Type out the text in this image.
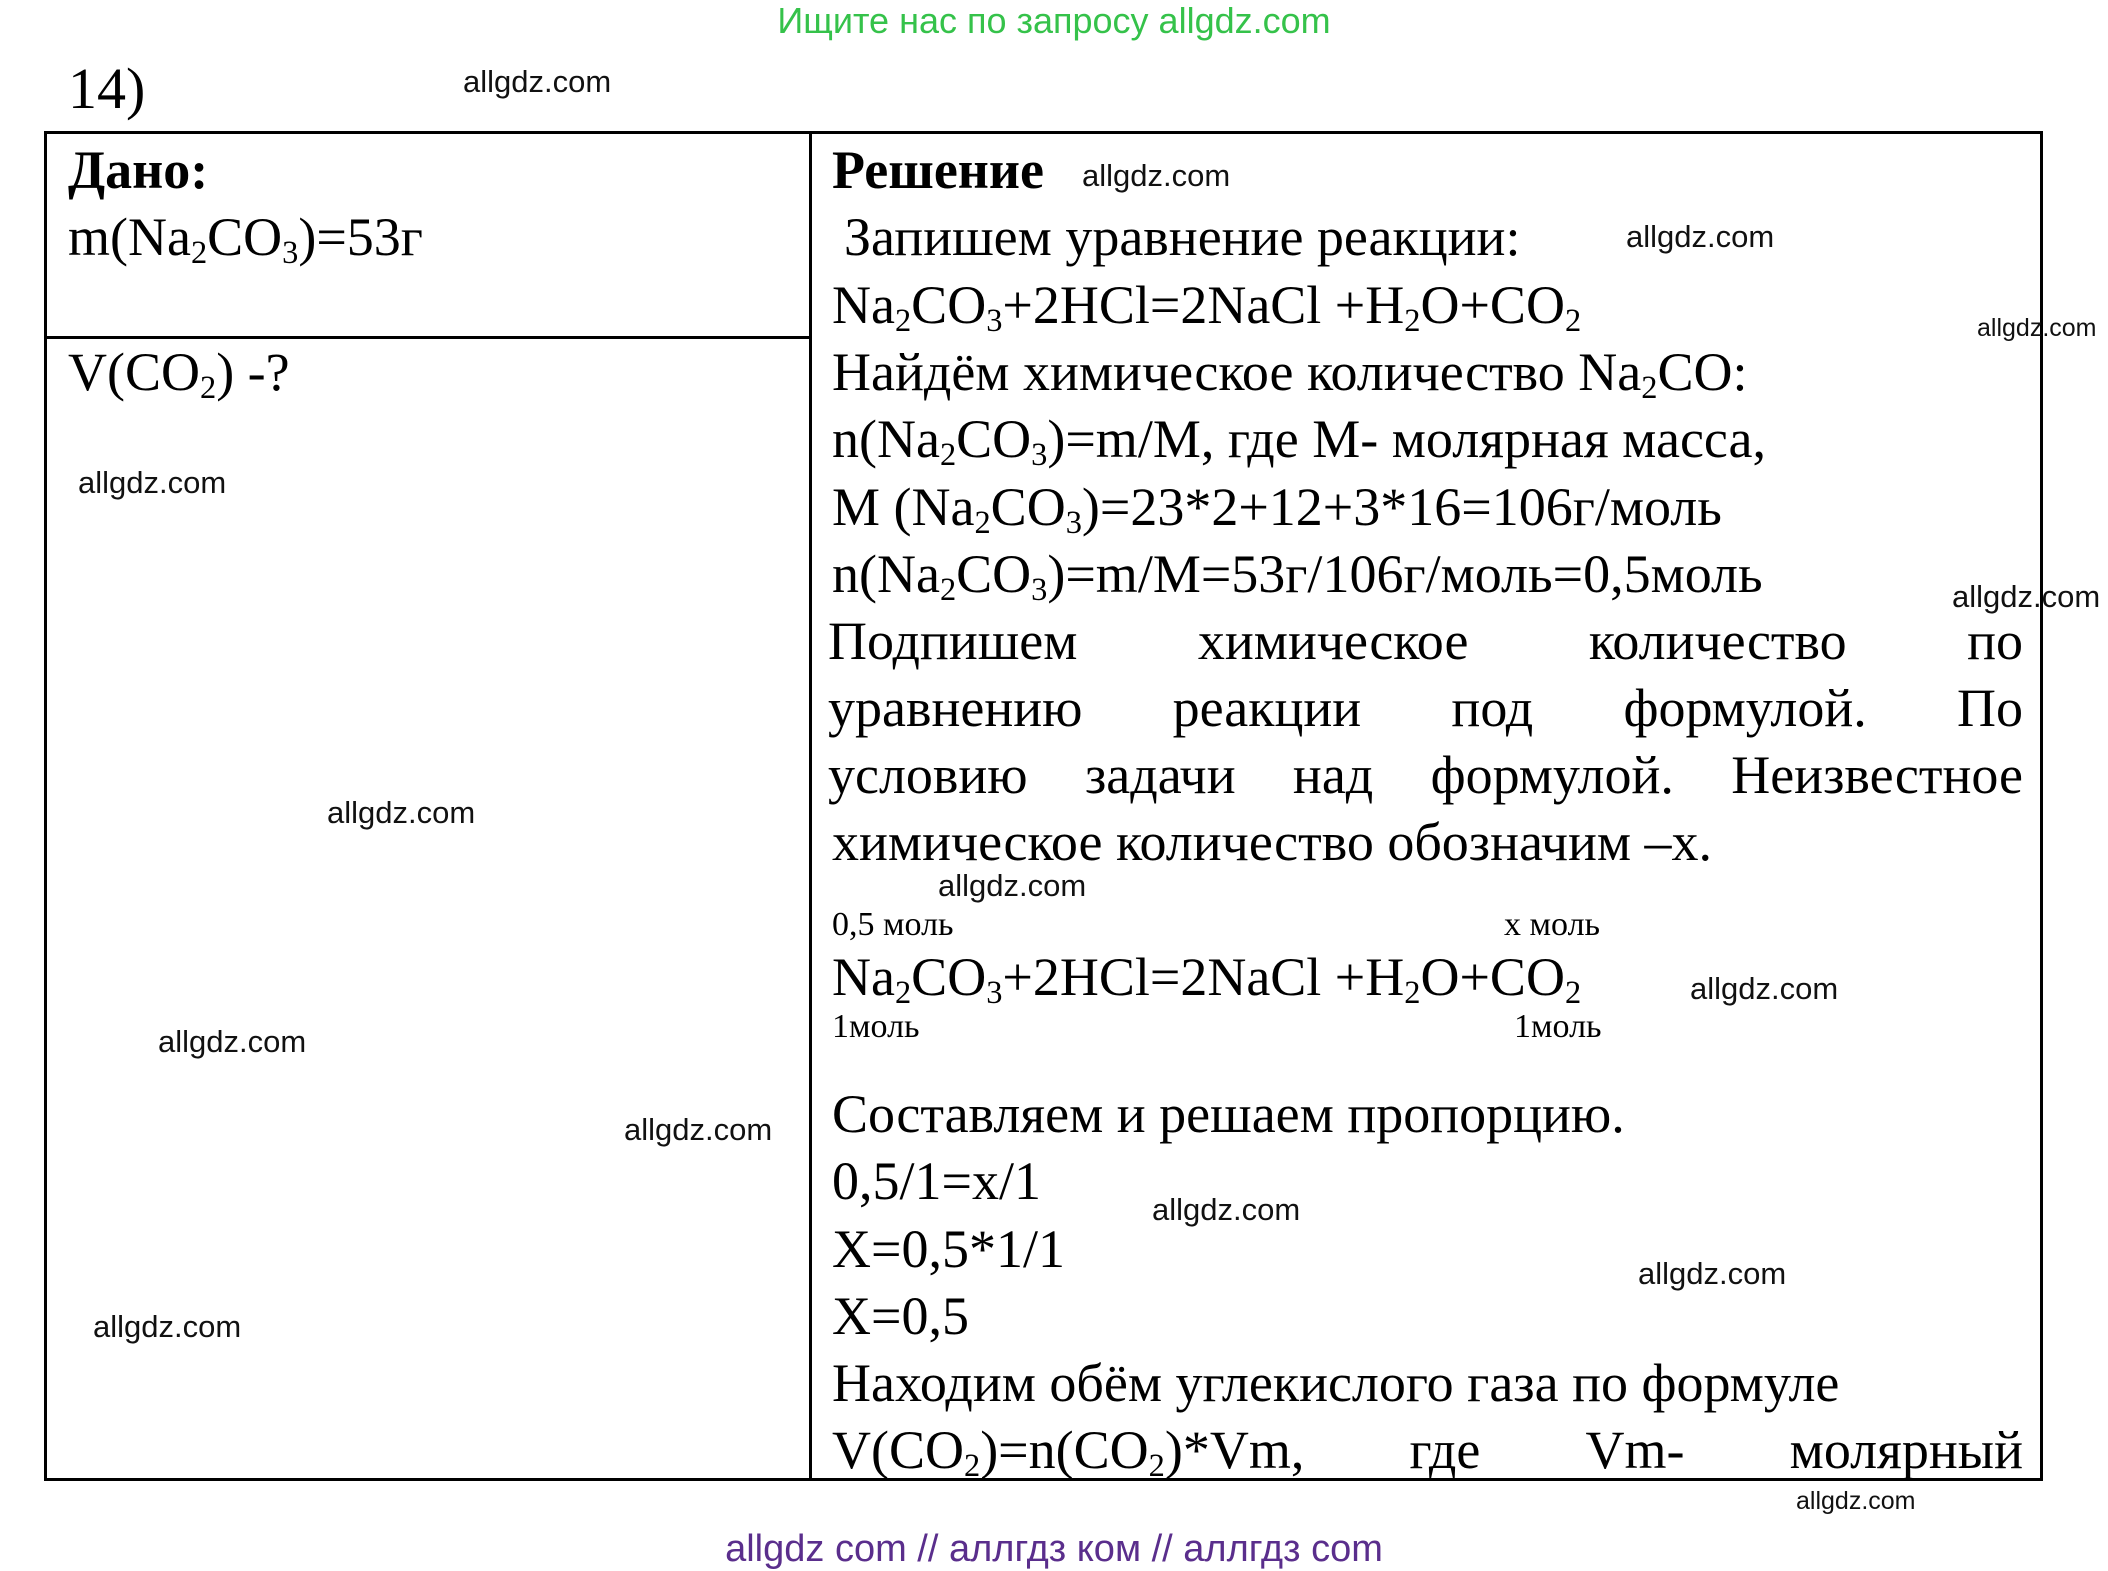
Ищите нас по запросу allgdz.com
14)
Дано:
$m(Na_2CO_3)=53г$
$V(CO_2)$ -?
Решение
Запишем уравнение реакции:
$Na_2CO_3+2HCl=2NaCl +H_2O+CO_2$
Найдём химическое количество $Na_2CO$:
$n(Na_2CO_3)=m/M$, где M- молярная масса,
M $(Na_2CO_3)=23*2+12+3*16=106г$/моль
$n(Na_2CO_3)=m/M=53г/106г/моль=0,5моль$
Подпишем химическое количество по
уравнению реакции под формулой. По
условию задачи над формулой. Неизвестное
химическое количество обозначим –х.
0,5 моль	х моль
$Na_2CO_3+2HCl=2NaCl +H_2O+CO_2$
1моль	1моль
Составляем и решаем пропорцию.
0,5/1=х/1
Х=0,5*1/1
Х=0,5
Находим обём углекислого газа по формуле
$V(CO_2)=n(CO_2)*Vm$, где Vm- молярный
allgdz.com
allgdz.com
allgdz.com
allgdz.com
allgdz.com
allgdz.com
allgdz.com
allgdz.com
allgdz.com
allgdz.com
allgdz.com
allgdz.com
allgdz.com
allgdz.com
allgdz.com
allgdz com // аллгдз ком // аллгдз com
